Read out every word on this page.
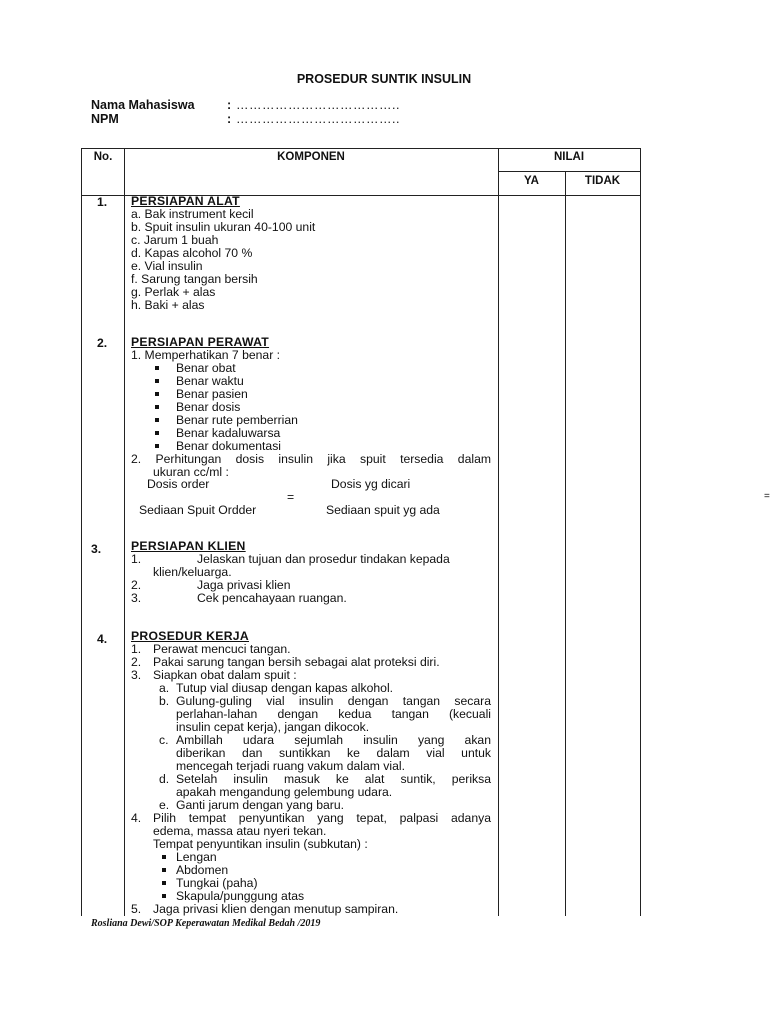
PROSEDUR SUNTIK INSULIN
Nama Mahasiswa	: ………………………………..
NPM	: ………………………………..
No.	KOMPONEN	NILAI
YA	TIDAK
1. PERSIAPAN ALAT
a. Bak instrument kecil
b. Spuit insulin ukuran 40-100 unit
c. Jarum 1 buah
d. Kapas alcohol 70 %
e. Vial insulin
f. Sarung tangan bersih
g. Perlak + alas
h. Baki + alas
2. PERSIAPAN PERAWAT
1. Memperhatikan 7 benar :
Benar obat
Benar waktu
Benar pasien
Benar dosis
Benar rute pemberrian
Benar kadaluwarsa
Benar dokumentasi
2. Perhitungan dosis insulin jika spuit tersedia dalam
ukuran cc/ml :
Dosis order	Dosis yg dicari
=
Sediaan Spuit Ordder	Sediaan spuit yg ada
3. PERSIAPAN KLIEN
1.	Jelaskan tujuan dan prosedur tindakan kepada
klien/keluarga.
2.	Jaga privasi klien
3.	Cek pencahayaan ruangan.
4. PROSEDUR KERJA
1. Perawat mencuci tangan.
2. Pakai sarung tangan bersih sebagai alat proteksi diri.
3. Siapkan obat dalam spuit :
a. Tutup vial diusap dengan kapas alkohol.
b. Gulung-guling vial insulin dengan tangan secara
perlahan-lahan dengan kedua tangan (kecuali
insulin cepat kerja), jangan dikocok.
c. Ambillah udara sejumlah insulin yang akan
diberikan dan suntikkan ke dalam vial untuk
mencegah terjadi ruang vakum dalam vial.
d. Setelah insulin masuk ke alat suntik, periksa
apakah mengandung gelembung udara.
e. Ganti jarum dengan yang baru.
4. Pilih tempat penyuntikan yang tepat, palpasi adanya
edema, massa atau nyeri tekan.
Tempat penyuntikan insulin (subkutan) :
Lengan
Abdomen
Tungkai (paha)
Skapula/punggung atas
5. Jaga privasi klien dengan menutup sampiran.
Rosliana Dewi/SOP Keperawatan Medikal Bedah /2019
=
